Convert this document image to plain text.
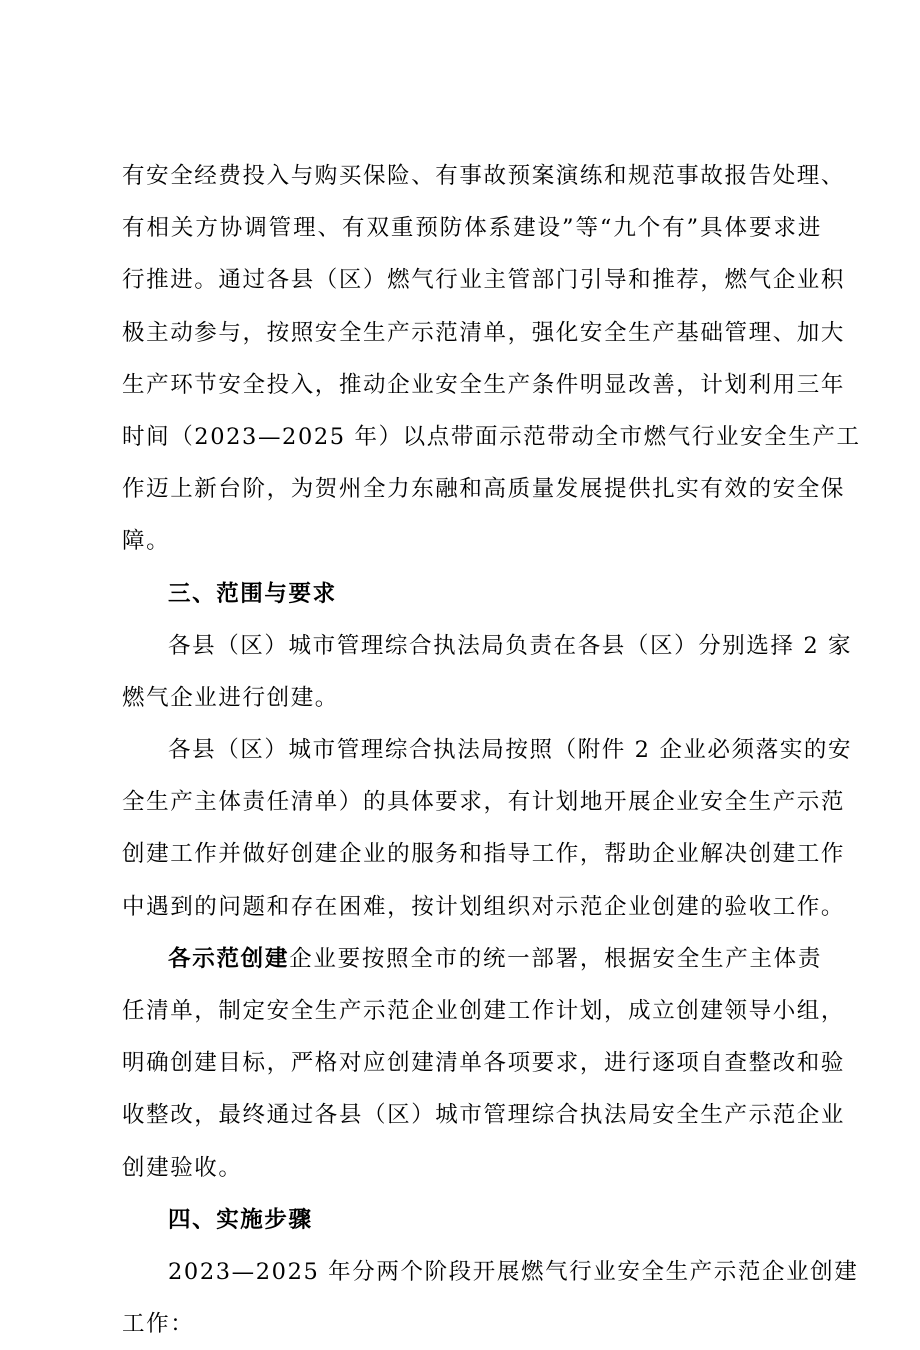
有安全经费投入与购买保险、有事故预案演练和规范事故报告处理、
有相关方协调管理、有双重预防体系建设”等“九个有”具体要求进
行推进。通过各县（区）燃气行业主管部门引导和推荐，燃气企业积
极主动参与，按照安全生产示范清单，强化安全生产基础管理、加大
生产环节安全投入，推动企业安全生产条件明显改善，计划利用三年
时间（2023—2025 年）以点带面示范带动全市燃气行业安全生产工
作迈上新台阶，为贺州全力东融和高质量发展提供扎实有效的安全保
障。
三、范围与要求
各县（区）城市管理综合执法局负责在各县（区）分别选择 2 家
燃气企业进行创建。
各县（区）城市管理综合执法局按照（附件 2 企业必须落实的安
全生产主体责任清单）的具体要求，有计划地开展企业安全生产示范
创建工作并做好创建企业的服务和指导工作，帮助企业解决创建工作
中遇到的问题和存在困难，按计划组织对示范企业创建的验收工作。
各示范创建企业要按照全市的统一部署，根据安全生产主体责
任清单，制定安全生产示范企业创建工作计划，成立创建领导小组，
明确创建目标，严格对应创建清单各项要求，进行逐项自查整改和验
收整改，最终通过各县（区）城市管理综合执法局安全生产示范企业
创建验收。
四、实施步骤
2023—2025 年分两个阶段开展燃气行业安全生产示范企业创建
工作：
